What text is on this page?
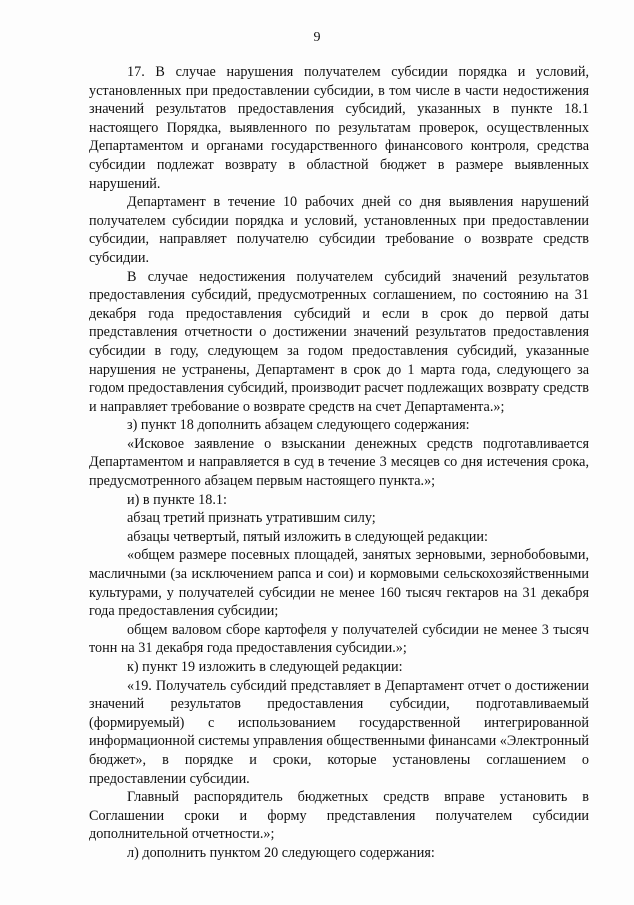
9

17. В случае нарушения получателем субсидии порядка и условий, установленных при предоставлении субсидии, в том числе в части недостижения значений результатов предоставления субсидий, указанных в пункте 18.1 настоящего Порядка, выявленного по результатам проверок, осуществленных Департаментом и органами государственного финансового контроля, средства субсидии подлежат возврату в областной бюджет в размере выявленных нарушений.

Департамент в течение 10 рабочих дней со дня выявления нарушений получателем субсидии порядка и условий, установленных при предоставлении субсидии, направляет получателю субсидии требование о возврате средств субсидии.

В случае недостижения получателем субсидий значений результатов предоставления субсидий, предусмотренных соглашением, по состоянию на 31 декабря года предоставления субсидий и если в срок до первой даты представления отчетности о достижении значений результатов предоставления субсидии в году, следующем за годом предоставления субсидий, указанные нарушения не устранены, Департамент в срок до 1 марта года, следующего за годом предоставления субсидий, производит расчет подлежащих возврату средств и направляет требование о возврате средств на счет Департамента.»;

з) пункт 18 дополнить абзацем следующего содержания:

«Исковое заявление о взыскании денежных средств подготавливается Департаментом и направляется в суд в течение 3 месяцев со дня истечения срока, предусмотренного абзацем первым настоящего пункта.»;

и) в пункте 18.1:

абзац третий признать утратившим силу;

абзацы четвертый, пятый изложить в следующей редакции:

«общем размере посевных площадей, занятых зерновыми, зернобобовыми, масличными (за исключением рапса и сои) и кормовыми сельскохозяйственными культурами, у получателей субсидии не менее 160 тысяч гектаров на 31 декабря года предоставления субсидии;

общем валовом сборе картофеля у получателей субсидии не менее 3 тысяч тонн на 31 декабря года предоставления субсидии.»;

к) пункт 19 изложить в следующей редакции:

«19. Получатель субсидий представляет в Департамент отчет о достижении значений результатов предоставления субсидии, подготавливаемый (формируемый) с использованием государственной интегрированной информационной системы управления общественными финансами «Электронный бюджет», в порядке и сроки, которые установлены соглашением о предоставлении субсидии.

Главный распорядитель бюджетных средств вправе установить в Соглашении сроки и форму представления получателем субсидии дополнительной отчетности.»;

л) дополнить пунктом 20 следующего содержания:
